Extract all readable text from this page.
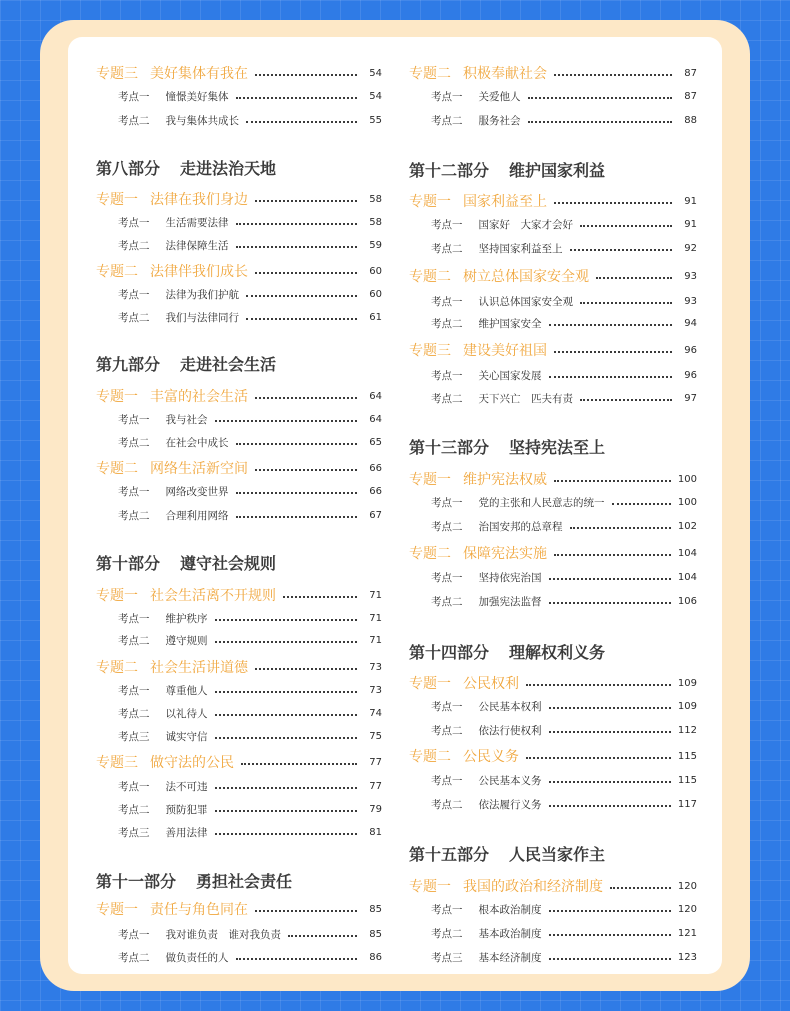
专题三 美好集体有我在	54
考点一 憧憬美好集体	54
考点二 我与集体共成长	55
第八部分 走进法治天地
专题一 法律在我们身边	58
考点一 生活需要法律	58
考点二 法律保障生活	59
专题二 法律伴我们成长	60
考点一 法律为我们护航	60
考点二 我们与法律同行	61
第九部分 走进社会生活
专题一 丰富的社会生活	64
考点一 我与社会	64
考点二 在社会中成长	65
专题二 网络生活新空间	66
考点一 网络改变世界	66
考点二 合理利用网络	67
第十部分 遵守社会规则
专题一 社会生活离不开规则	71
考点一 维护秩序	71
考点二 遵守规则	71
专题二 社会生活讲道德	73
考点一 尊重他人	73
考点二 以礼待人	74
考点三 诚实守信	75
专题三 做守法的公民	77
考点一 法不可违	77
考点二 预防犯罪	79
考点三 善用法律	81
第十一部分 勇担社会责任
专题一 责任与角色同在	85
考点一 我对谁负责　谁对我负责	85
考点二 做负责任的人	86
专题二 积极奉献社会	87
考点一 关爱他人	87
考点二 服务社会	88
第十二部分 维护国家利益
专题一 国家利益至上	91
考点一 国家好　大家才会好	91
考点二 坚持国家利益至上	92
专题二 树立总体国家安全观	93
考点一 认识总体国家安全观	93
考点二 维护国家安全	94
专题三 建设美好祖国	96
考点一 关心国家发展	96
考点二 天下兴亡　匹夫有责	97
第十三部分 坚持宪法至上
专题一 维护宪法权威	100
考点一 党的主张和人民意志的统一	100
考点二 治国安邦的总章程	102
专题二 保障宪法实施	104
考点一 坚持依宪治国	104
考点二 加强宪法监督	106
第十四部分 理解权利义务
专题一 公民权利	109
考点一 公民基本权利	109
考点二 依法行使权利	112
专题二 公民义务	115
考点一 公民基本义务	115
考点二 依法履行义务	117
第十五部分 人民当家作主
专题一 我国的政治和经济制度	120
考点一 根本政治制度	120
考点二 基本政治制度	121
考点三 基本经济制度	123
